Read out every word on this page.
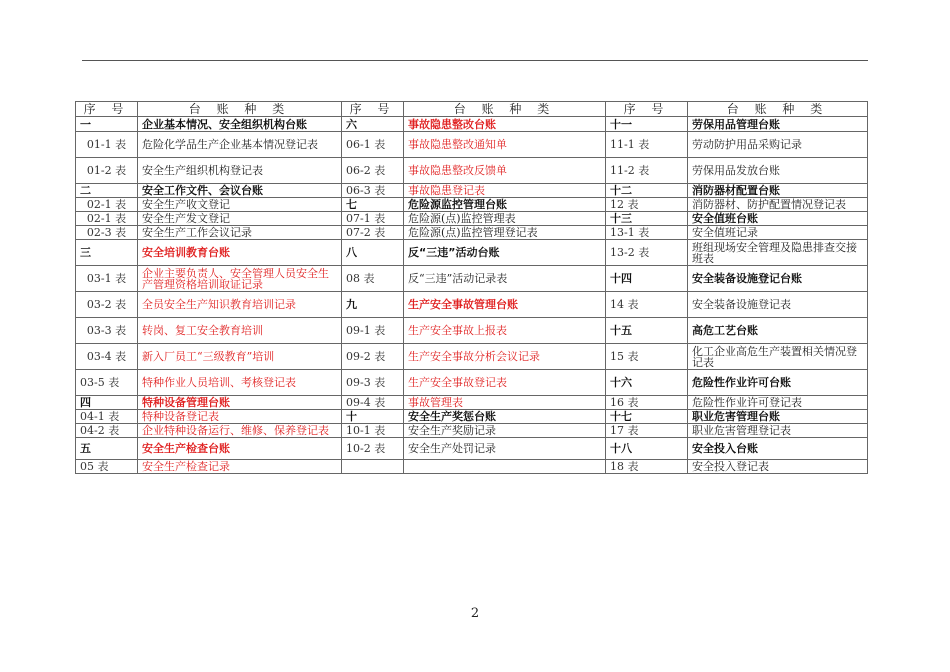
序 号	台 账 种 类	序 号	台 账 种 类	序 号	台 账 种 类
一	企业基本情况、安全组织机构台账	六	事故隐患整改台账	十一	劳保用品管理台账
01-1 表	危险化学品生产企业基本情况登记表	06-1 表	事故隐患整改通知单	11-1 表	劳动防护用品采购记录
01-2 表	安全生产组织机构登记表	06-2 表	事故隐患整改反馈单	11-2 表	劳保用品发放台账
二	安全工作文件、会议台账	06-3 表	事故隐患登记表	十二	消防器材配置台账
02-1 表	安全生产收文登记	七	危险源监控管理台账	12 表	消防器材、防护配置情况登记表
02-1 表	安全生产发文登记	07-1 表	危险源(点)监控管理表	十三	安全值班台账
02-3 表	安全生产工作会议记录	07-2 表	危险源(点)监控管理登记表	13-1 表	安全值班记录
三	安全培训教育台账	八	反“三违”活动台账	13-2 表	班组现场安全管理及隐患排查交接班表
03-1 表	企业主要负责人、安全管理人员安全生产管理资格培训取证记录	08 表	反“三违”活动记录表	十四	安全装备设施登记台账
03-2 表	全员安全生产知识教育培训记录	九	生产安全事故管理台账	14 表	安全装备设施登记表
03-3 表	转岗、复工安全教育培训	09-1 表	生产安全事故上报表	十五	高危工艺台账
03-4 表	新入厂员工“三级教育”培训	09-2 表	生产安全事故分析会议记录	15 表	化工企业高危生产装置相关情况登记表
03-5 表	特种作业人员培训、考核登记表	09-3 表	生产安全事故登记表	十六	危险性作业许可台账
四	特种设备管理台账	09-4 表	事故管理表	16 表	危险性作业许可登记表
04-1 表	特种设备登记表	十	安全生产奖惩台账	十七	职业危害管理台账
04-2 表	企业特种设备运行、维修、保养登记表	10-1 表	安全生产奖励记录	17 表	职业危害管理登记表
五	安全生产检查台账	10-2 表	安全生产处罚记录	十八	安全投入台账
05 表	安全生产检查记录			18 表	安全投入登记表
2
